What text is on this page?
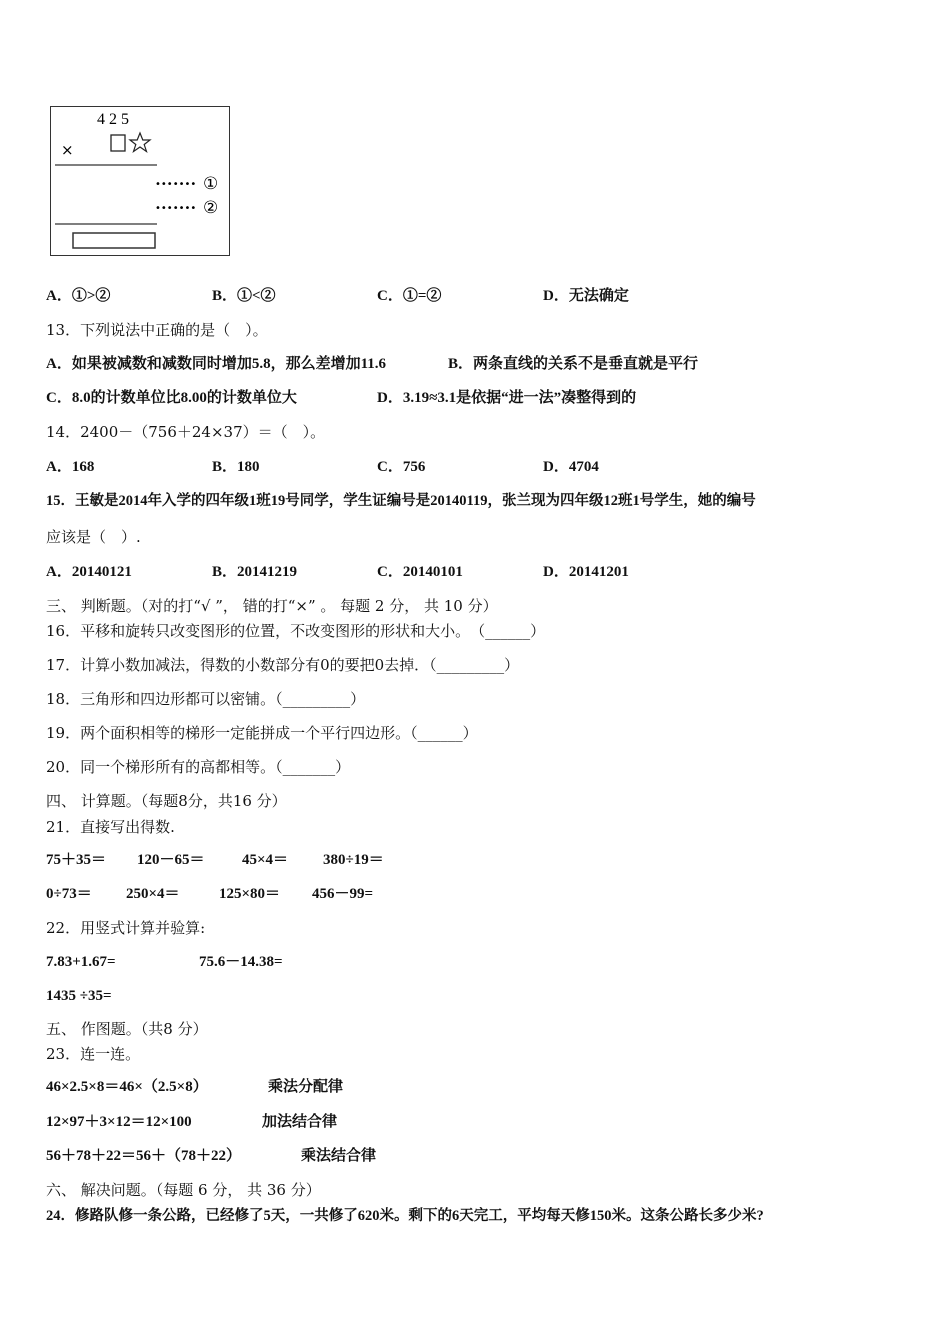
4 2 5
×
••••••• ①
••••••• ②
A．①>②	B．①<②	C．①=②	D．无法确定
13．下列说法中正确的是（　）。
A．如果被减数和减数同时增加5.8，那么差增加11.6	B．两条直线的关系不是垂直就是平行
C．8.0的计数单位比8.00的计数单位大	D．3.19≈3.1是依据“进一法”凑整得到的
14．2400－（756＋24×37）＝（　）。
A．168	B．180	C．756	D．4704
15．王敏是2014年入学的四年级1班19号同学，学生证编号是20140119，张兰现为四年级12班1号学生，她的编号
应该是（　）.
A．20140121	B．20141219	C．20140101	D．20141201
三、 判断题。（对的打“√ ”， 错的打“×” 。 每题 2 分， 共 10 分）
16．平移和旋转只改变图形的位置，不改变图形的形状和大小。　（______）
17．计算小数加减法，得数的小数部分有0的要把0去掉．（_________）
18．三角形和四边形都可以密铺。（_________）
19．两个面积相等的梯形一定能拼成一个平行四边形。（______）
20．同一个梯形所有的高都相等。（_______）
四、 计算题。（每题8分，共16 分）
21．直接写出得数.
75＋35＝ 120－65＝ 45×4＝ 380÷19＝
0÷73＝ 250×4＝	125×80＝ 456－99=
22．用竖式计算并验算:
7.83+1.67=	75.6－14.38=
1435 ÷35=
五、 作图题。（共8 分）
23．连一连。
46×2.5×8＝46×（2.5×8）	乘法分配律
12×97＋3×12＝12×100	加法结合律
56＋78＋22＝56＋（78＋22）	乘法结合律
六、 解决问题。（每题 6 分， 共 36 分）
24．修路队修一条公路，已经修了5天，一共修了620米。剩下的6天完工，平均每天修150米。这条公路长多少米?
